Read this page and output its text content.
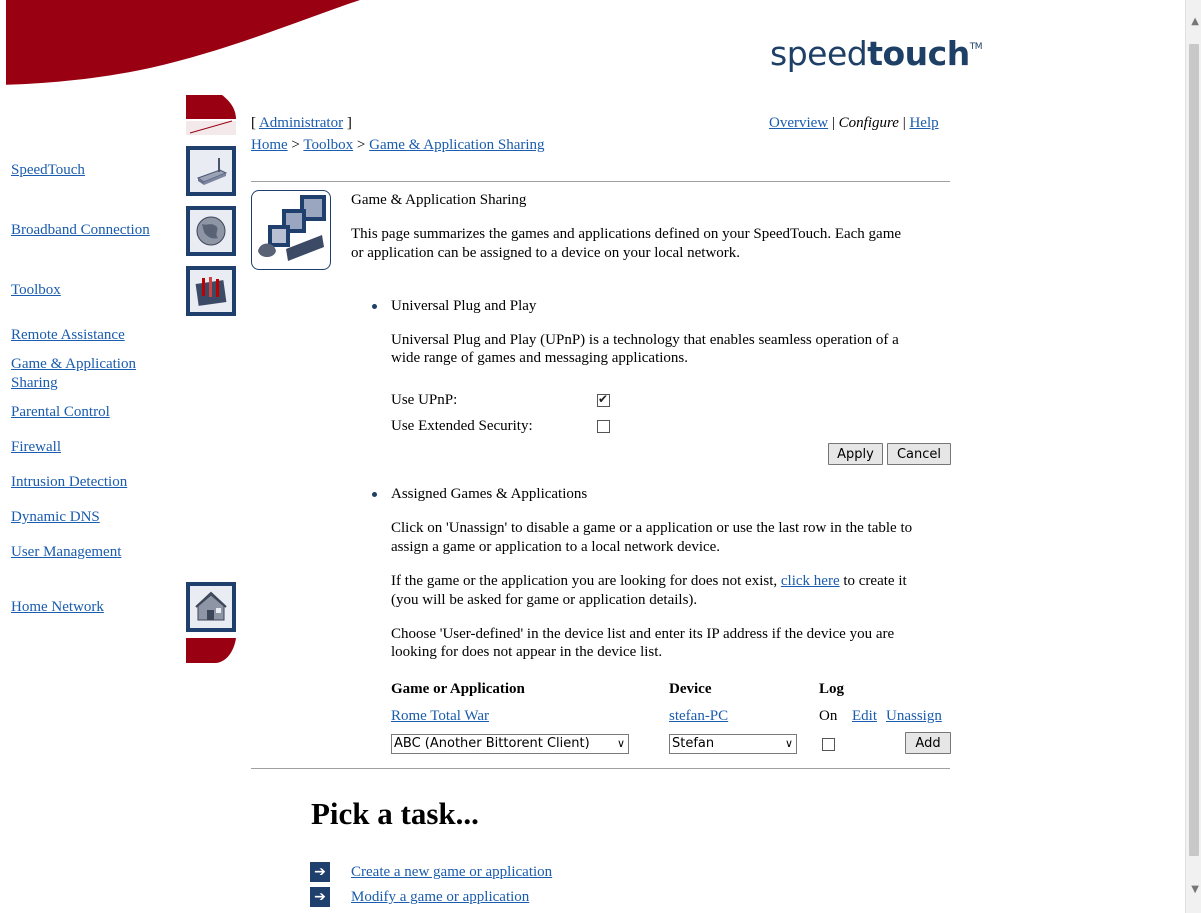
speedtouch™
▲
▼
SpeedTouch
Broadband Connection
Toolbox
Remote Assistance
Game & Application Sharing
Parental Control
Firewall
Intrusion Detection
Dynamic DNS
User Management
Home Network
[ Administrator ]	Overview | Configure | Help
Home > Toolbox > Game & Application Sharing
Game & Application Sharing
This page summarizes the games and applications defined on your SpeedTouch. Each game
or application can be assigned to a device on your local network.
Universal Plug and Play
Universal Plug and Play (UPnP) is a technology that enables seamless operation of a
wide range of games and messaging applications.
Use UPnP:
✔
Use Extended Security:
Apply	Cancel
Assigned Games & Applications
Click on 'Unassign' to disable a game or a application or use the last row in the table to
assign a game or application to a local network device.
If the game or the application you are looking for does not exist, click here to create it
(you will be asked for game or application details).
Choose 'User-defined' in the device list and enter its IP address if the device you are
looking for does not appear in the device list.
Game or Application	Device	Log
Rome Total War	stefan-PC	On Edit Unassign
ABC (Another Bittorent Client) ∨	Stefan	∨	Add
Pick a task...
➔ Create a new game or application
➔ Modify a game or application
